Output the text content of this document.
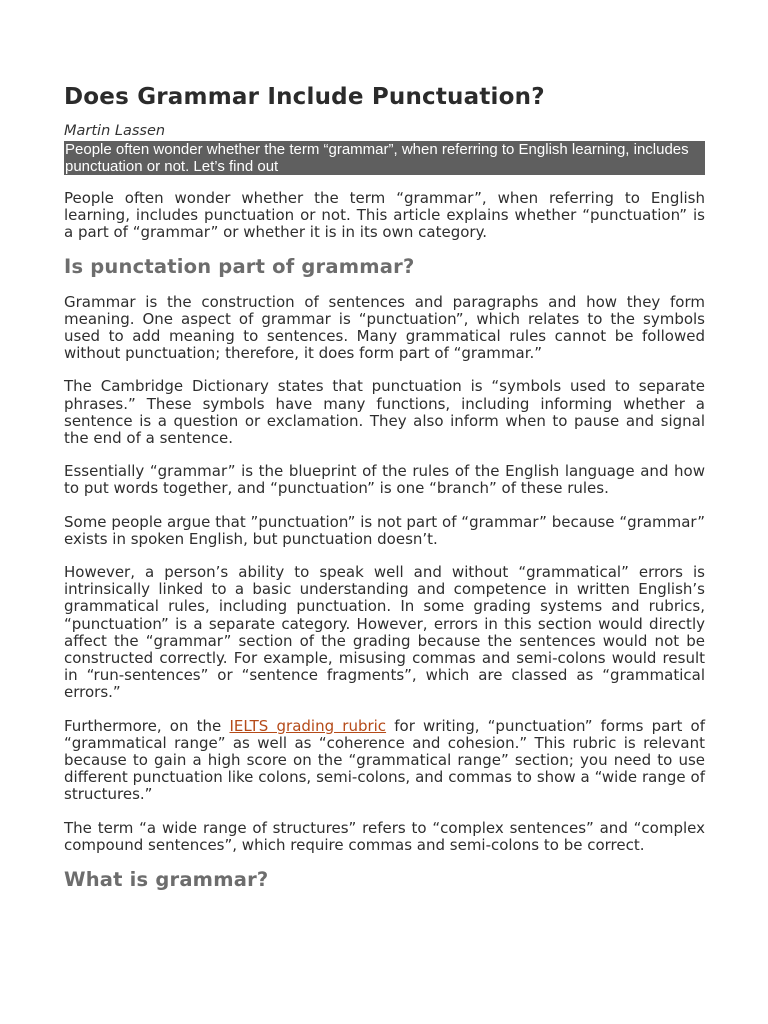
Does Grammar Include Punctuation?
Martin Lassen
People often wonder whether the term “grammar”, when referring to English learning, includes punctuation or not. Let’s find out

People often wonder whether the term “grammar”, when referring to English learning, includes punctuation or not. This article explains whether “punctuation” is a part of “grammar” or whether it is in its own category.

Is punctation part of grammar?

Grammar is the construction of sentences and paragraphs and how they form meaning. One aspect of grammar is “punctuation”, which relates to the symbols used to add meaning to sentences. Many grammatical rules cannot be followed without punctuation; therefore, it does form part of “grammar.”

The Cambridge Dictionary states that punctuation is “symbols used to separate phrases.” These symbols have many functions, including informing whether a sentence is a question or exclamation. They also inform when to pause and signal the end of a sentence.

Essentially “grammar” is the blueprint of the rules of the English language and how to put words together, and “punctuation” is one “branch” of these rules.

Some people argue that ”punctuation” is not part of “grammar” because “grammar” exists in spoken English, but punctuation doesn’t.

However, a person’s ability to speak well and without “grammatical” errors is intrinsically linked to a basic understanding and competence in written English’s grammatical rules, including punctuation. In some grading systems and rubrics, “punctuation” is a separate category. However, errors in this section would directly affect the “grammar” section of the grading because the sentences would not be constructed correctly. For example, misusing commas and semi-colons would result in “run-sentences” or “sentence fragments”, which are classed as “grammatical errors.”

Furthermore, on the IELTS grading rubric for writing, “punctuation” forms part of “grammatical range” as well as “coherence and cohesion.” This rubric is relevant because to gain a high score on the “grammatical range” section; you need to use different punctuation like colons, semi-colons, and commas to show a “wide range of structures.”

The term “a wide range of structures” refers to “complex sentences” and “complex compound sentences”, which require commas and semi-colons to be correct.

What is grammar?
